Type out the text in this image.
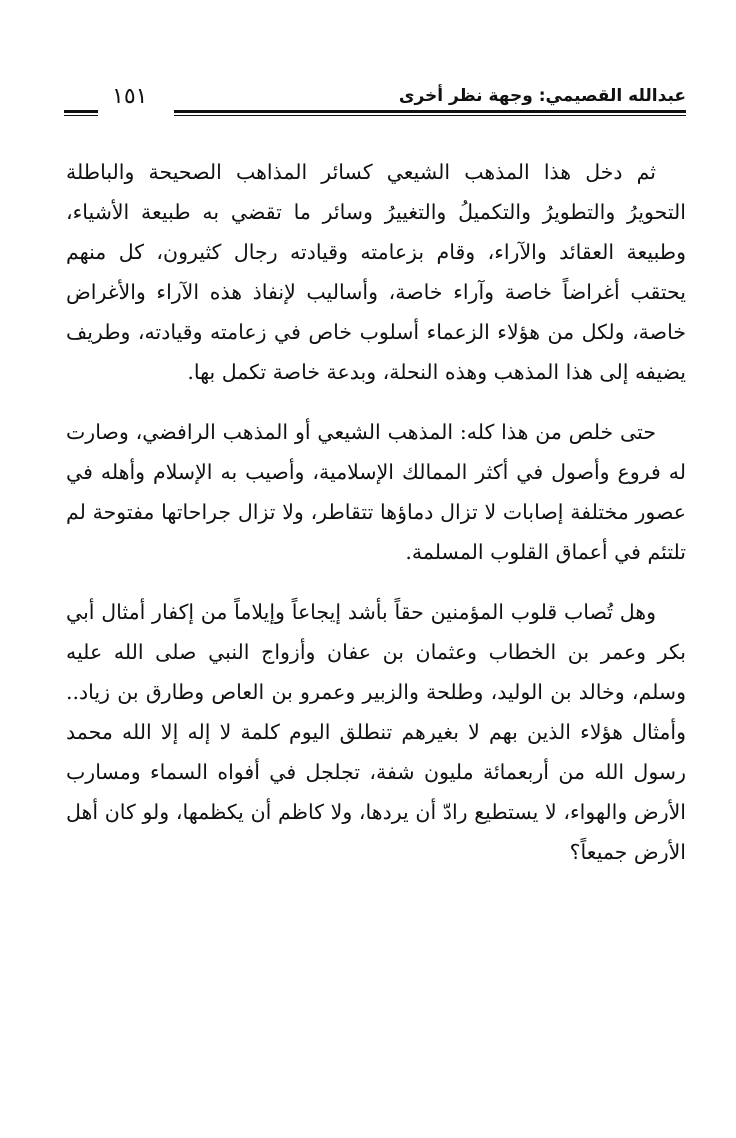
عبدالله القصيمي: وجهة نظر أخرى
١٥١

ثم دخل هذا المذهب الشيعي كسائر المذاهب الصحيحة والباطلة التحويرُ والتطويرُ والتكميلُ والتغييرُ وسائر ما تقضي به طبيعة الأشياء، وطبيعة العقائد والآراء، وقام بزعامته وقيادته رجال كثيرون، كل منهم يحتقب أغراضاً خاصة وآراء خاصة، وأساليب لإنفاذ هذه الآراء والأغراض خاصة، ولكل من هؤلاء الزعماء أسلوب خاص في زعامته وقيادته، وطريف يضيفه إلى هذا المذهب وهذه النحلة، وبدعة خاصة تكمل بها.

حتى خلص من هذا كله: المذهب الشيعي أو المذهب الرافضي، وصارت له فروع وأصول في أكثر الممالك الإسلامية، وأصيب به الإسلام وأهله في عصور مختلفة إصابات لا تزال دماؤها تتقاطر، ولا تزال جراحاتها مفتوحة لم تلتئم في أعماق القلوب المسلمة.

وهل تُصاب قلوب المؤمنين حقاً بأشد إيجاعاً وإيلاماً من إكفار أمثال أبي بكر وعمر بن الخطاب وعثمان بن عفان وأزواج النبي صلى الله عليه وسلم، وخالد بن الوليد، وطلحة والزبير وعمرو بن العاص وطارق بن زياد.. وأمثال هؤلاء الذين بهم لا بغيرهم تنطلق اليوم كلمة لا إله إلا الله محمد رسول الله من أربعمائة مليون شفة، تجلجل في أفواه السماء ومسارب الأرض والهواء، لا يستطيع رادّ أن يردها، ولا كاظم أن يكظمها، ولو كان أهل الأرض جميعاً؟
